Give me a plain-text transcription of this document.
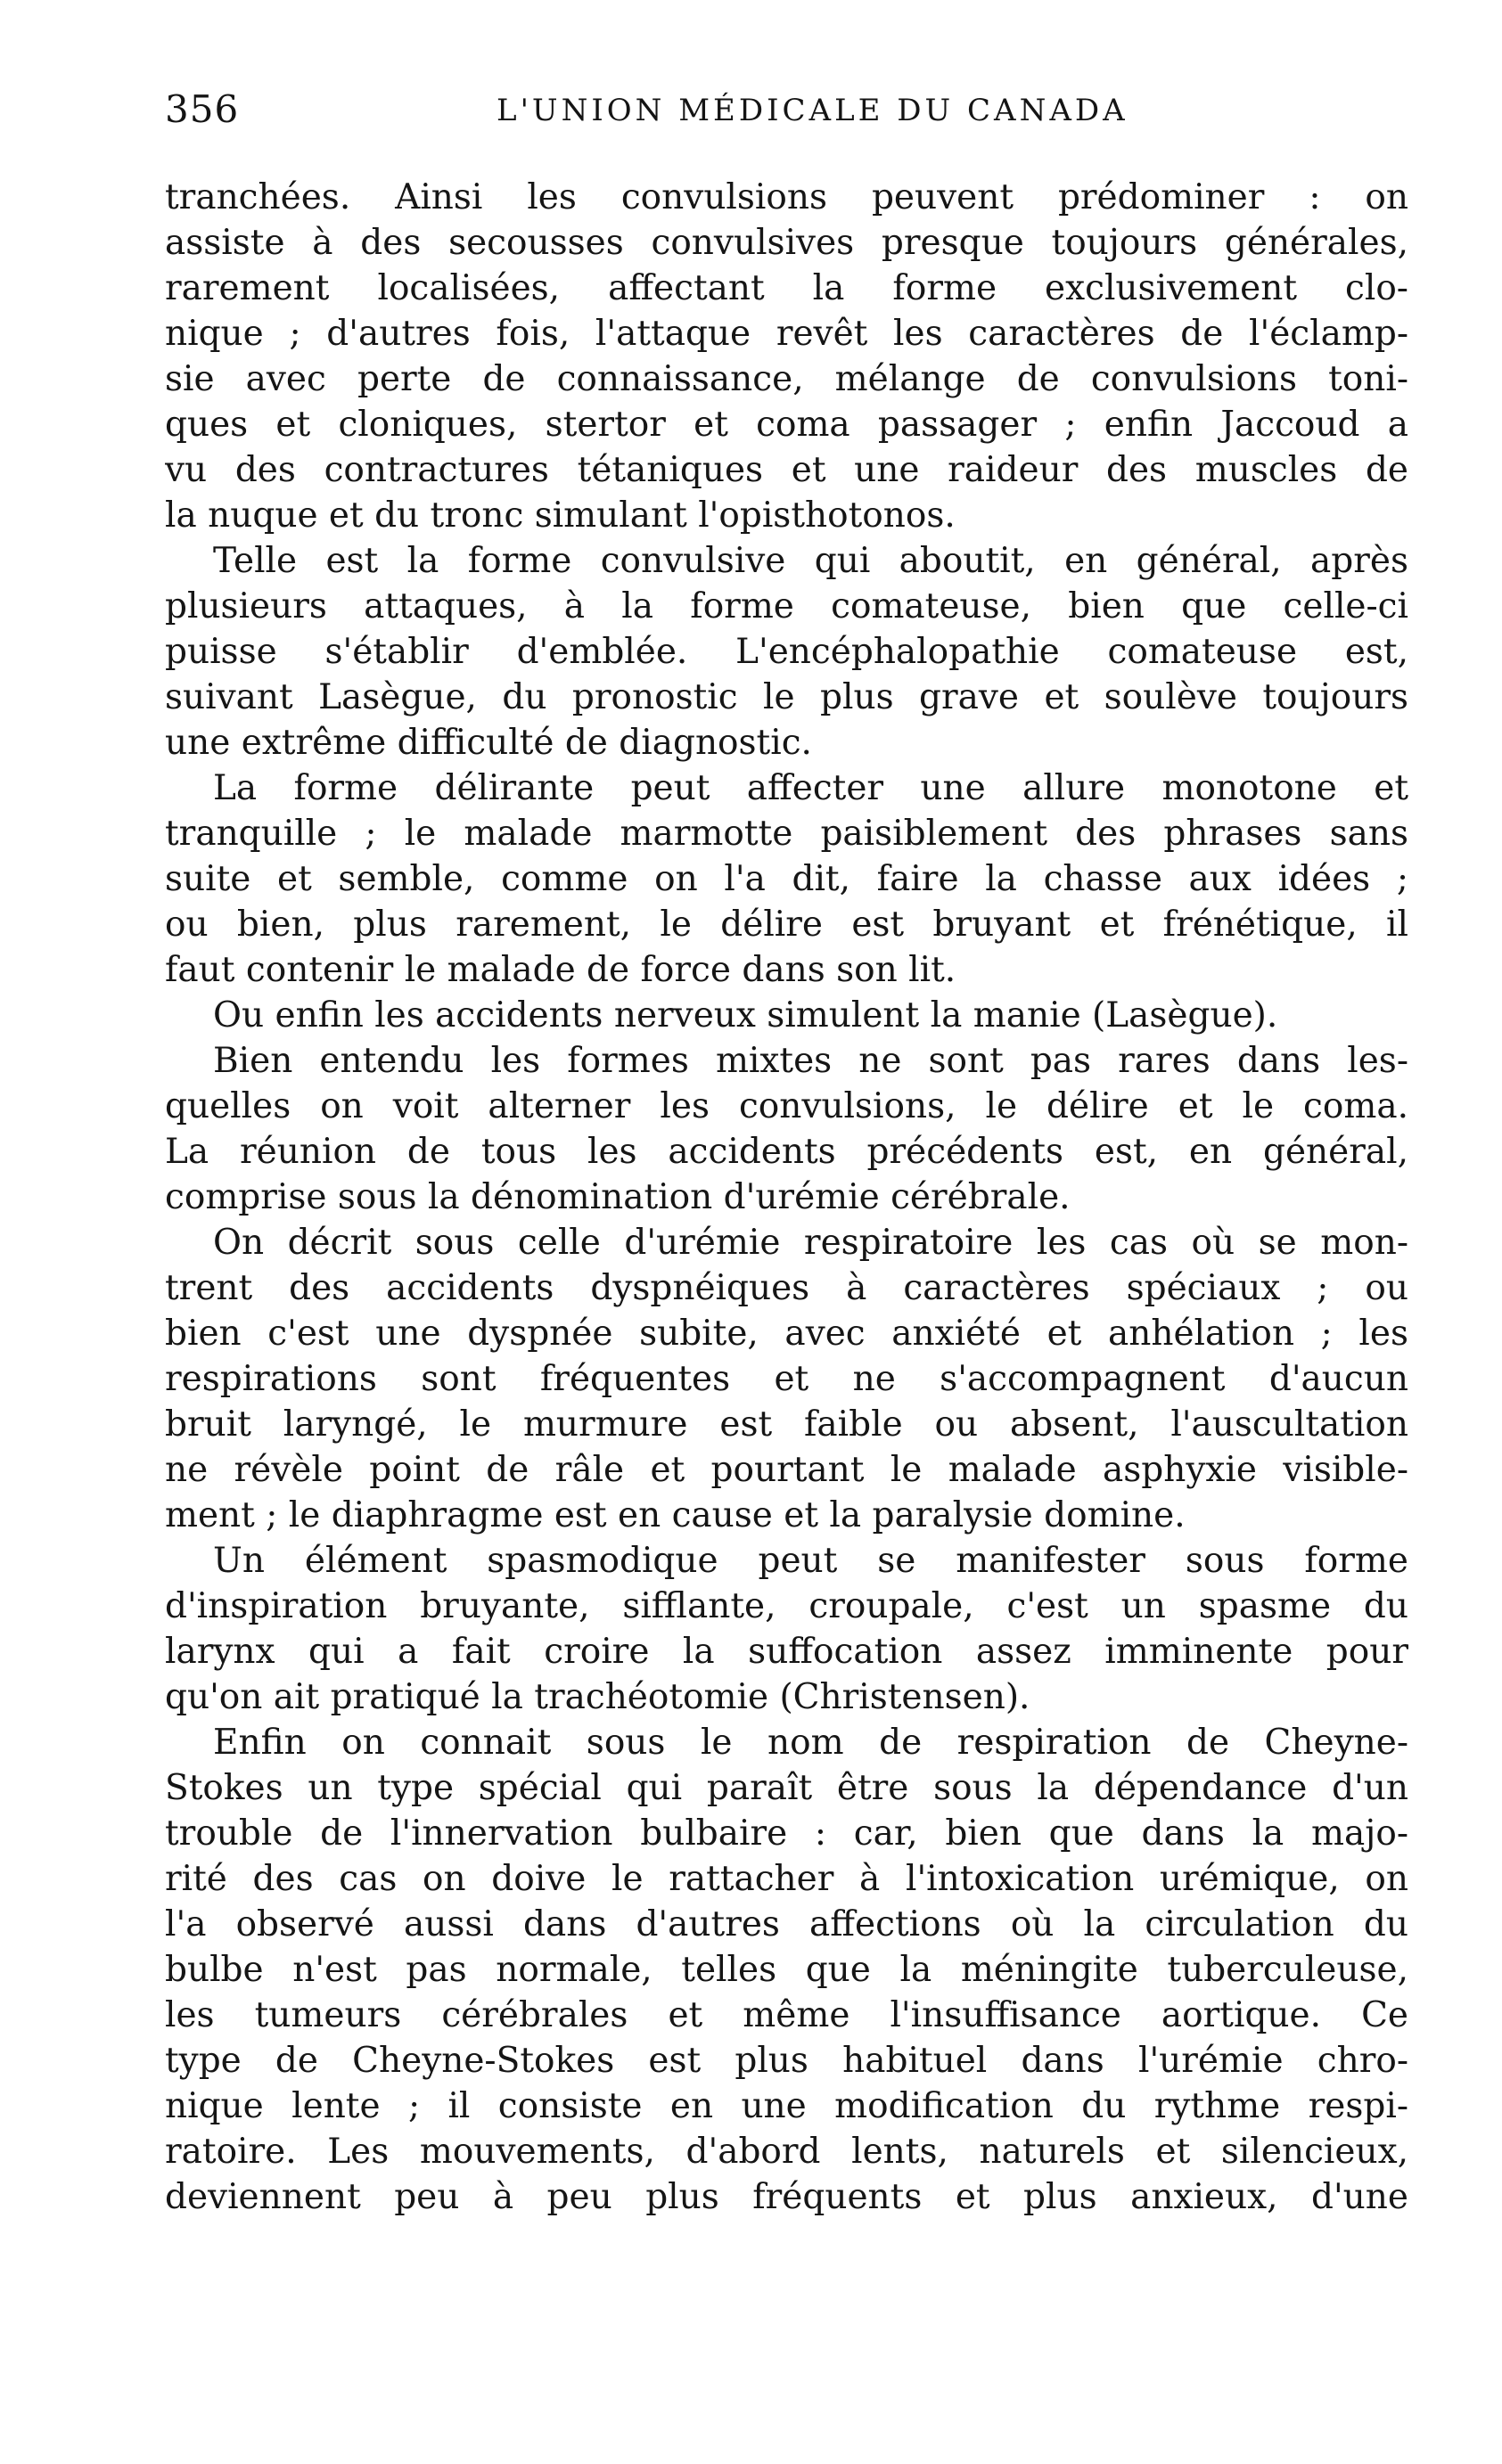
356	L'UNION MÉDICALE DU CANADA
tranchées. Ainsi les convulsions peuvent prédominer : on
assiste à des secousses convulsives presque toujours générales,
rarement localisées, affectant la forme exclusivement clo-
nique ; d'autres fois, l'attaque revêt les caractères de l'éclamp-
sie avec perte de connaissance, mélange de convulsions toni-
ques et cloniques, stertor et coma passager ; enfin Jaccoud a
vu des contractures tétaniques et une raideur des muscles de
la nuque et du tronc simulant l'opisthotonos.
Telle est la forme convulsive qui aboutit, en général, après
plusieurs attaques, à la forme comateuse, bien que celle-ci
puisse s'établir d'emblée. L'encéphalopathie comateuse est,
suivant Lasègue, du pronostic le plus grave et soulève toujours
une extrême difficulté de diagnostic.
La forme délirante peut affecter une allure monotone et
tranquille ; le malade marmotte paisiblement des phrases sans
suite et semble, comme on l'a dit, faire la chasse aux idées ;
ou bien, plus rarement, le délire est bruyant et frénétique, il
faut contenir le malade de force dans son lit.
Ou enfin les accidents nerveux simulent la manie (Lasègue).
Bien entendu les formes mixtes ne sont pas rares dans les-
quelles on voit alterner les convulsions, le délire et le coma.
La réunion de tous les accidents précédents est, en général,
comprise sous la dénomination d'urémie cérébrale.
On décrit sous celle d'urémie respiratoire les cas où se mon-
trent des accidents dyspnéiques à caractères spéciaux ; ou
bien c'est une dyspnée subite, avec anxiété et anhélation ; les
respirations sont fréquentes et ne s'accompagnent d'aucun
bruit laryngé, le murmure est faible ou absent, l'auscultation
ne révèle point de râle et pourtant le malade asphyxie visible-
ment ; le diaphragme est en cause et la paralysie domine.
Un élément spasmodique peut se manifester sous forme
d'inspiration bruyante, sifflante, croupale, c'est un spasme du
larynx qui a fait croire la suffocation assez imminente pour
qu'on ait pratiqué la trachéotomie (Christensen).
Enfin on connait sous le nom de respiration de Cheyne-
Stokes un type spécial qui paraît être sous la dépendance d'un
trouble de l'innervation bulbaire : car, bien que dans la majo-
rité des cas on doive le rattacher à l'intoxication urémique, on
l'a observé aussi dans d'autres affections où la circulation du
bulbe n'est pas normale, telles que la méningite tuberculeuse,
les tumeurs cérébrales et même l'insuffisance aortique. Ce
type de Cheyne-Stokes est plus habituel dans l'urémie chro-
nique lente ; il consiste en une modification du rythme respi-
ratoire. Les mouvements, d'abord lents, naturels et silencieux,
deviennent peu à peu plus fréquents et plus anxieux, d'une
